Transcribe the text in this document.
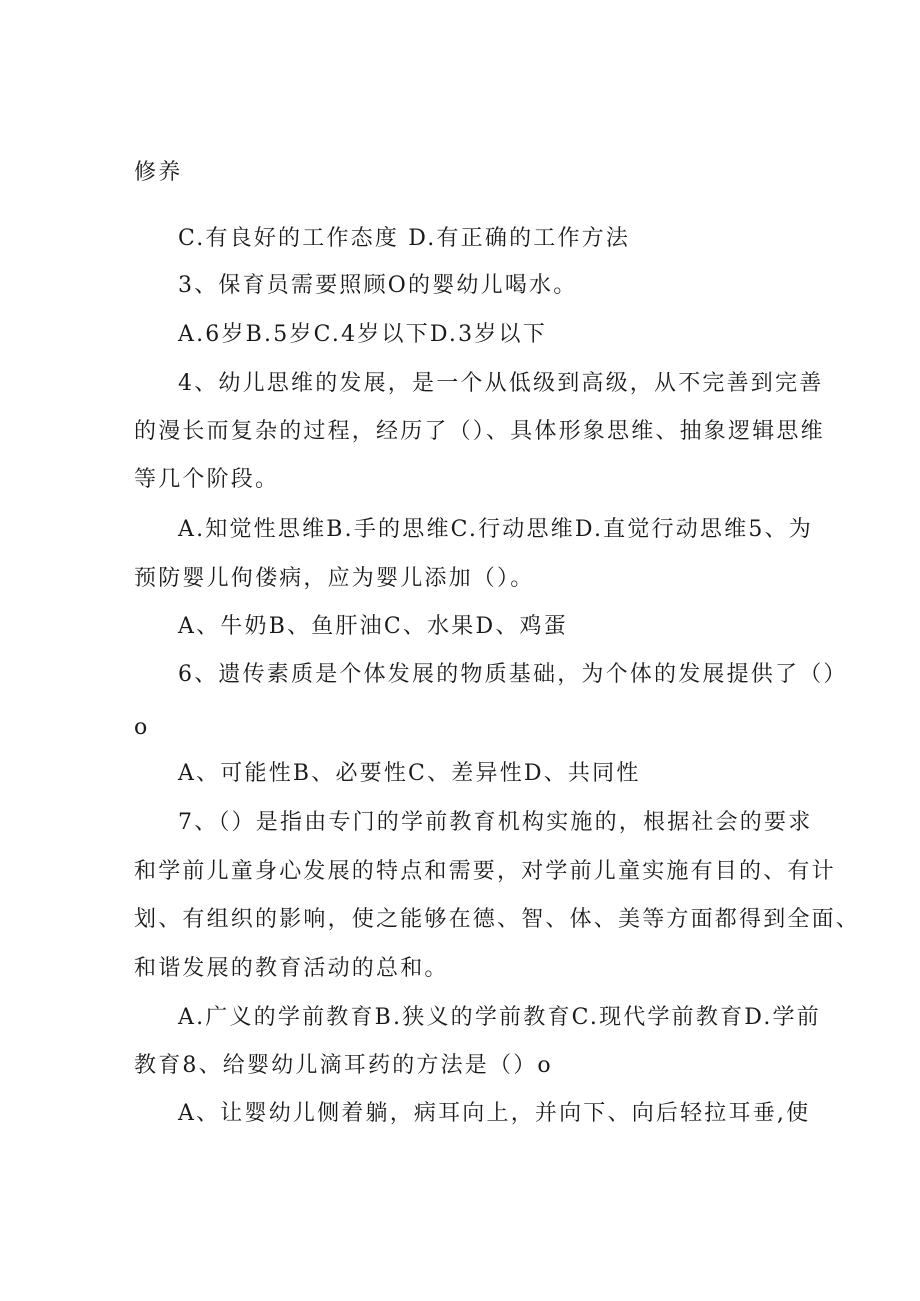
修养
C.有良好的工作态度 D.有正确的工作方法
3、保育员需要照顾O的婴幼儿喝水。
A.6岁B.5岁C.4岁以下D.3岁以下
4、幼儿思维的发展，是一个从低级到高级，从不完善到完善
的漫长而复杂的过程，经历了（）、具体形象思维、抽象逻辑思维
等几个阶段。
A.知觉性思维B.手的思维C.行动思维D.直觉行动思维5、为
预防婴儿佝偻病，应为婴儿添加（）。
A、牛奶B、鱼肝油C、水果D、鸡蛋
6、遗传素质是个体发展的物质基础，为个体的发展提供了（）
o
A、可能性B、必要性C、差异性D、共同性
7、（）是指由专门的学前教育机构实施的，根据社会的要求
和学前儿童身心发展的特点和需要，对学前儿童实施有目的、有计
划、有组织的影响，使之能够在德、智、体、美等方面都得到全面、
和谐发展的教育活动的总和。
A.广义的学前教育B.狭义的学前教育C.现代学前教育D.学前
教育8、给婴幼儿滴耳药的方法是（）o
A、让婴幼儿侧着躺，病耳向上，并向下、向后轻拉耳垂,使
